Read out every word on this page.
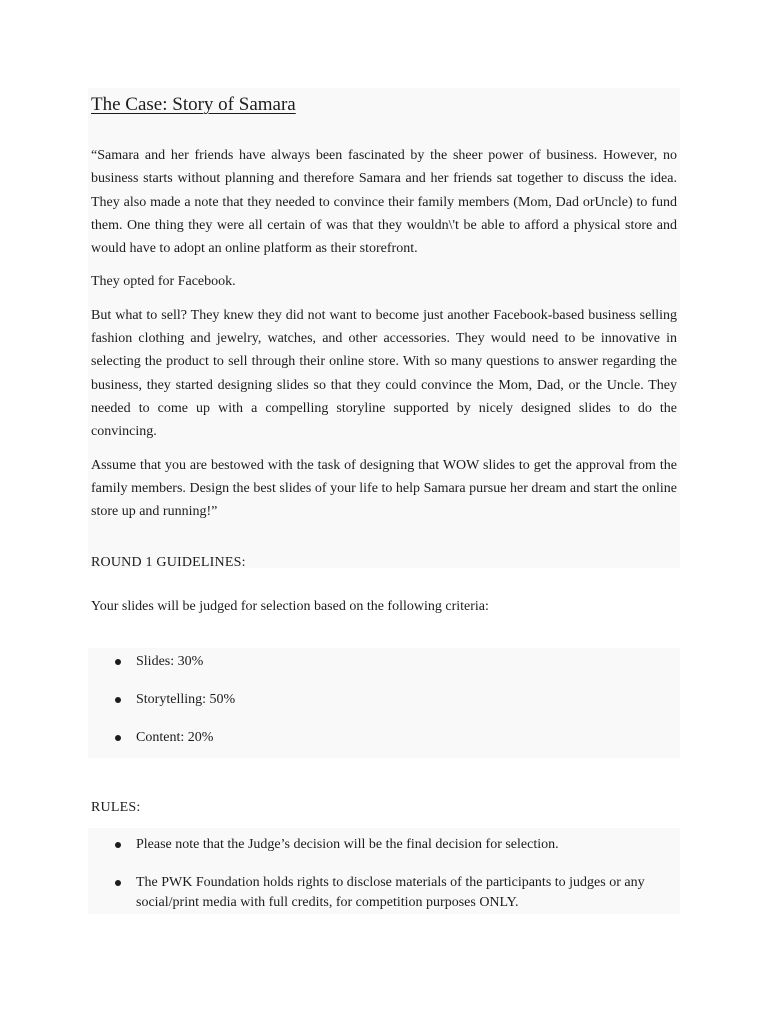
The Case: Story of Samara

“Samara and her friends have always been fascinated by the sheer power of business. However, no business starts without planning and therefore Samara and her friends sat together to discuss the idea. They also made a note that they needed to convince their family members (Mom, Dad orUncle) to fund them. One thing they were all certain of was that they wouldn\'t be able to afford a physical store and would have to adopt an online platform as their storefront.

They opted for Facebook.

But what to sell? They knew they did not want to become just another Facebook-based business selling fashion clothing and jewelry, watches, and other accessories. They would need to be innovative in selecting the product to sell through their online store. With so many questions to answer regarding the business, they started designing slides so that they could convince the Mom, Dad, or the Uncle. They needed to come up with a compelling storyline supported by nicely designed slides to do the convincing.

Assume that you are bestowed with the task of designing that WOW slides to get the approval from the family members. Design the best slides of your life to help Samara pursue her dream and start the online store up and running!”

ROUND 1 GUIDELINES:

Your slides will be judged for selection based on the following criteria:

Slides: 30%
Storytelling: 50%
Content: 20%

RULES:

Please note that the Judge’s decision will be the final decision for selection.
The PWK Foundation holds rights to disclose materials of the participants to judges or any social/print media with full credits, for competition purposes ONLY.
